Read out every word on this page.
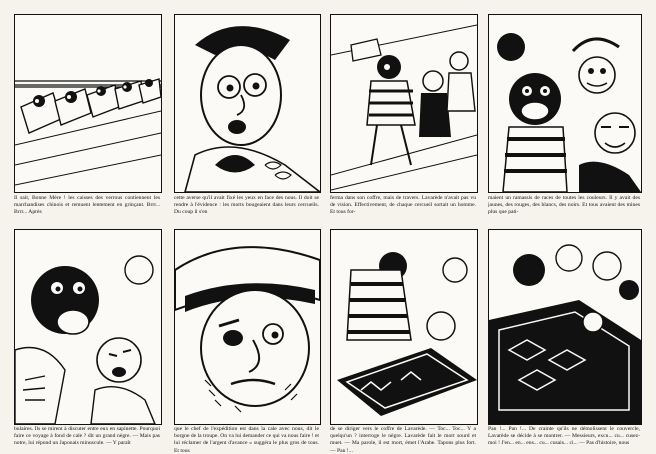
Il sait, Bonne Mère ! les caisses des verrous contiennent les marchandises chinois et remuent lentement en grinçant. Brrr... Brrr... Après
cette averse qu'il avait fixé les yeux en face des nous. Il doit se rendre à l'évidence : les morts bougeaient dans leurs cercueils. Du coup il s'en
ferma dans son coffre, mais de travers. Lavarède n'avait pas vu de vision. Effectivement, de chaque cercueil sortait un homme. Et tous for-
maient un ramassis de races de toutes les couleurs. Il y avait des jaunes, des rouges, des blancs, des noirs. Et tous avaient des mines plus que pati-
bulaires. Ils se mirent à discuter entre eux en sapinette. Pourquoi faire ce voyage à fond de cale ? dit un grand nègre. — Mais pas notre, lui répond un Japonais minuscule. — Y paraît
que le chef de l'expédition est dans la cale avec nous, dit le borgne de la troupe. On va lui demander ce qui va nous faire ! et lui réclamer de l'argent d'avance » suggéra le plus gros de tous. Et tous
de se diriger vers le coffre de Lavarède. — Toc... Toc... Y a quelqu'un ? interroge le nègre. Lavarède fait le mort sourd et muet. — Ma parole, il est mort, émet l'Arabe. Tapons plus fort. — Pan !...
Pan !... Pan !... De crainte qu'ils ne démolissent le couvercle, Lavarède se décide à se montrer. — Messieurs, excu... cu... cusez-moi ! J'en... en... ens... cu... cusais... ci... — Pas d'histoire, nous
